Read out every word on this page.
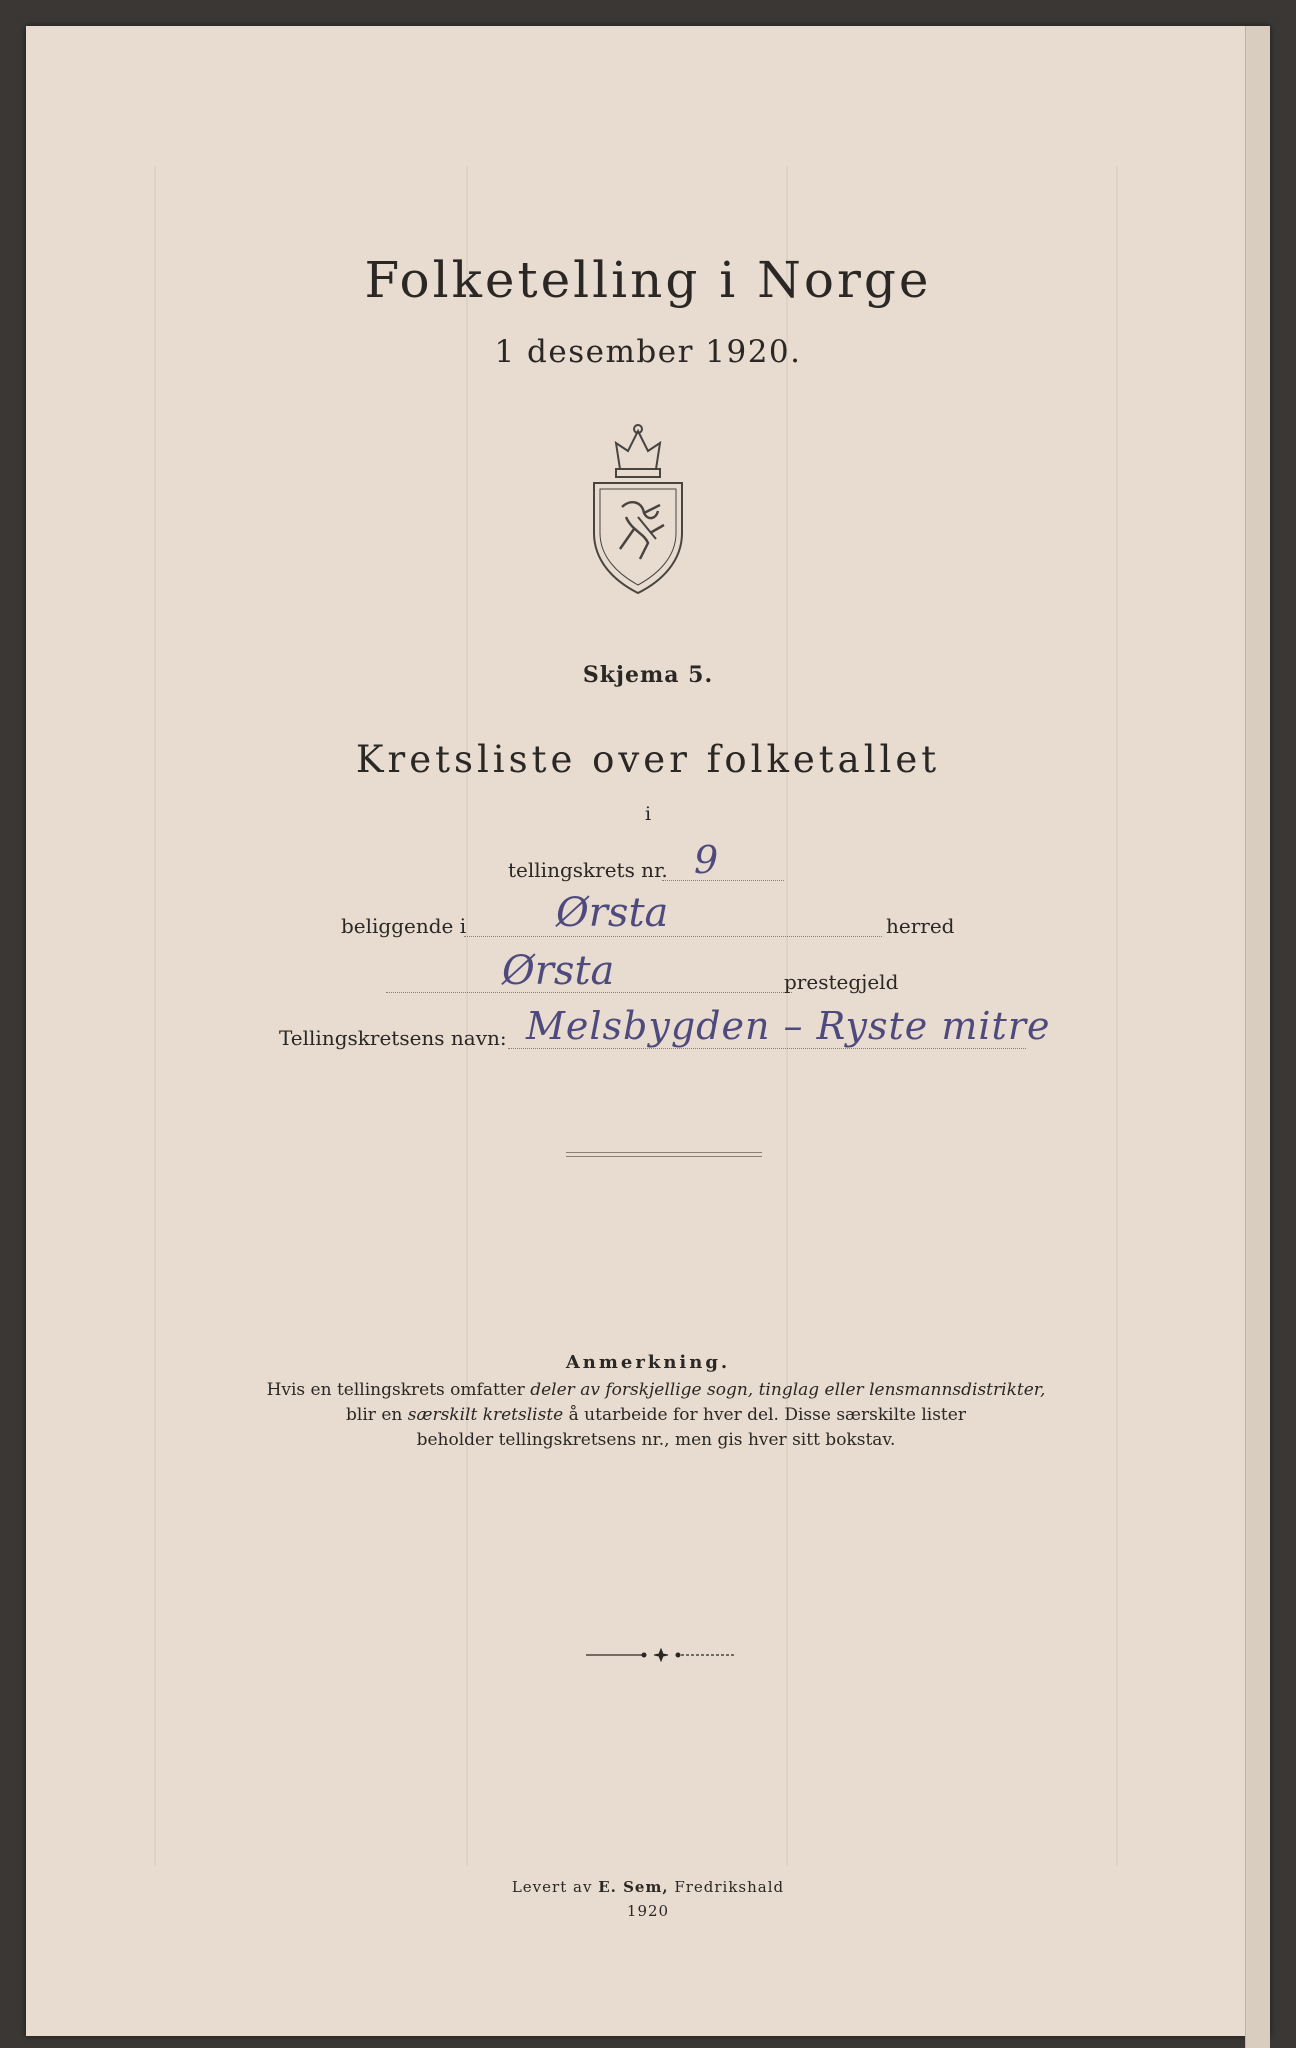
Folketelling i Norge
1 desember 1920.
Skjema 5.
Kretsliste over folketallet
i
tellingskrets nr. 9
beliggende i Ørsta	herred
Ørsta	prestegjeld
Tellingskretsens navn: Melsbygden – Ryste mitre
Anmerkning.
Hvis en tellingskrets omfatter deler av forskjellige sogn, tinglag eller lensmannsdistrikter,
blir en særskilt kretsliste å utarbeide for hver del. Disse særskilte lister
beholder tellingskretsens nr., men gis hver sitt bokstav.
Levert av E. Sem, Fredrikshald
1920
